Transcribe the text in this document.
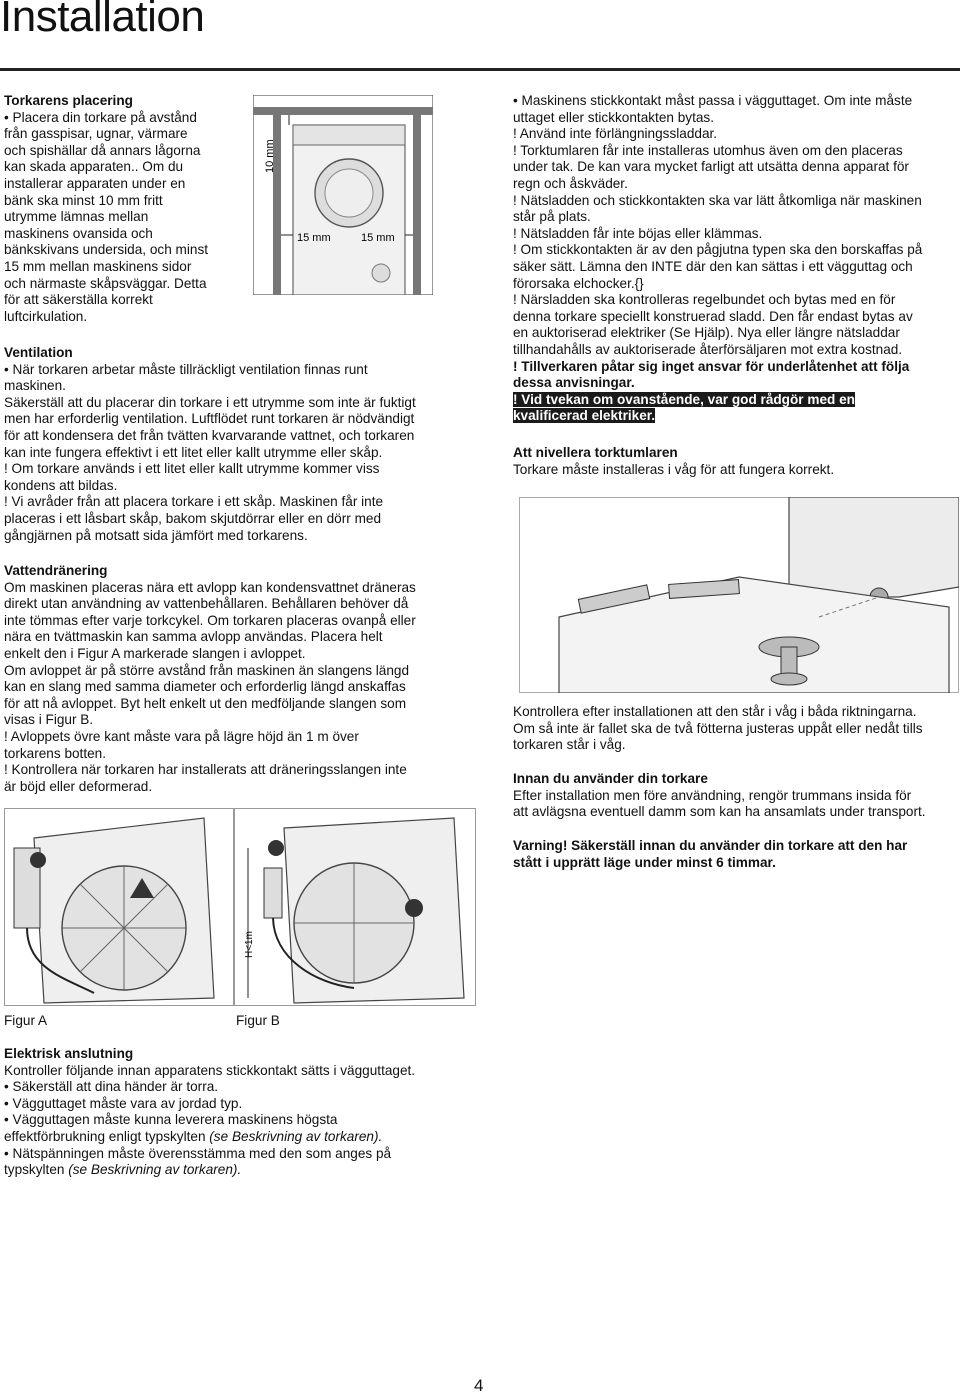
Installation

Torkarens placering

• Placera din torkare på avstånd

från gasspisar, ugnar, värmare

och spishällar då annars lågorna

kan skada apparaten.. Om du

installerar apparaten under en

bänk ska minst 10 mm fritt

utrymme lämnas mellan

maskinens ovansida och

bänkskivans undersida, och minst

15 mm mellan maskinens sidor

och närmaste skåpsväggar. Detta

för att säkerställa korrekt

luftcirkulation.

10 mm
15 mm	15 mm

Ventilation

• När torkaren arbetar måste tillräckligt ventilation finnas runt

maskinen.

Säkerställ att du placerar din torkare i ett utrymme som inte är fuktigt

men har erforderlig ventilation. Luftflödet runt torkaren är nödvändigt

för att kondensera det från tvätten kvarvarande vattnet, och torkaren

kan inte fungera effektivt i ett litet eller kallt utrymme eller skåp.

! Om torkare används i ett litet eller kallt utrymme kommer viss

kondens att bildas.

! Vi avråder från att placera torkare i ett skåp. Maskinen får inte

placeras i ett låsbart skåp, bakom skjutdörrar eller en dörr med

gångjärnen på motsatt sida jämfört med torkarens.

Vattendränering

Om maskinen placeras nära ett avlopp kan kondensvattnet dräneras

direkt utan användning av vattenbehållaren. Behållaren behöver då

inte tömmas efter varje torkcykel. Om torkaren placeras ovanpå eller

nära en tvättmaskin kan samma avlopp användas. Placera helt

enkelt den i Figur A markerade slangen i avloppet.

Om avloppet är på större avstånd från maskinen än slangens längd

kan en slang med samma diameter och erforderlig längd anskaffas

för att nå avloppet. Byt helt enkelt ut den medföljande slangen som

visas i Figur B.

! Avloppets övre kant måste vara på lägre höjd än 1 m över

torkarens botten.

! Kontrollera när torkaren har installerats att dräneringsslangen inte

är böjd eller deformerad.

H<1m
Figur A	Figur B

Elektrisk anslutning

Kontroller följande innan apparatens stickkontakt sätts i vägguttaget.

• Säkerställ att dina händer är torra.

• Vägguttaget måste vara av jordad typ.

• Vägguttagen måste kunna leverera maskinens högsta

effektförbrukning enligt typskylten (se Beskrivning av torkaren).

• Nätspänningen måste överensstämma med den som anges på

typskylten (se Beskrivning av torkaren).

• Maskinens stickkontakt måst passa i vägguttaget. Om inte måste

uttaget eller stickkontakten bytas.

! Använd inte förlängningssladdar.

! Torktumlaren får inte installeras utomhus även om den placeras

under tak. De kan vara mycket farligt att utsätta denna apparat för

regn och åskväder.

! Nätsladden och stickkontakten ska var lätt åtkomliga när maskinen

står på plats.

! Nätsladden får inte böjas eller klämmas.

! Om stickkontakten är av den pågjutna typen ska den borskaffas på

säker sätt. Lämna den INTE där den kan sättas i ett vägguttag och

förorsaka elchocker.{}

! Närsladden ska kontrolleras regelbundet och bytas med en för

denna torkare speciellt konstruerad sladd. Den får endast bytas av

en auktoriserad elektriker (Se Hjälp). Nya eller längre nätsladdar

tillhandahålls av auktoriserade återförsäljaren mot extra kostnad.

! Tillverkaren påtar sig inget ansvar för underlåtenhet att följa

dessa anvisningar.

! Vid tvekan om ovanstående, var god rådgör med en

kvalificerad elektriker.

Att nivellera torktumlaren

Torkare måste installeras i våg för att fungera korrekt.

Kontrollera efter installationen att den står i våg i båda riktningarna.

Om så inte är fallet ska de två fötterna justeras uppåt eller nedåt tills

torkaren står i våg.

Innan du använder din torkare

Efter installation men före användning, rengör trummans insida för

att avlägsna eventuell damm som kan ha ansamlats under transport.

Varning! Säkerställ innan du använder din torkare att den har

stått i upprätt läge under minst 6 timmar.

4
